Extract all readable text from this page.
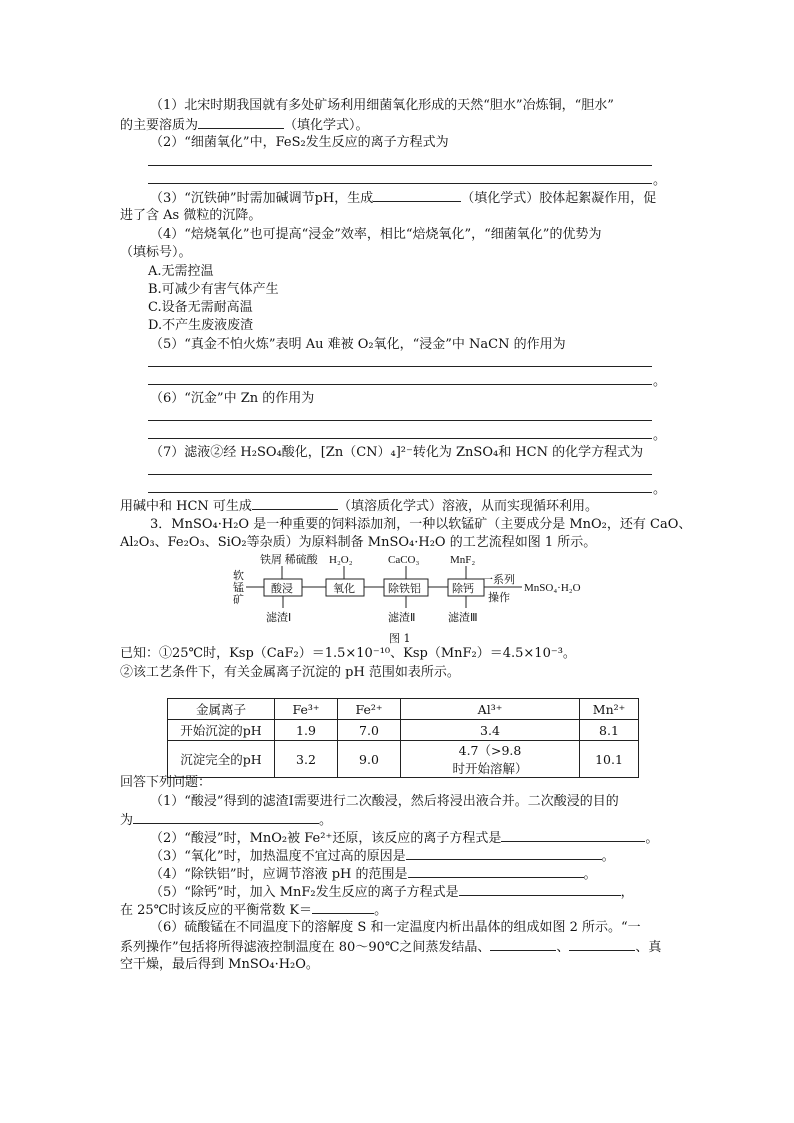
（1）北宋时期我国就有多处矿场利用细菌氧化形成的天然“胆水”冶炼铜，“胆水”
的主要溶质为	（填化学式）。
（2）“细菌氧化”中，FeS₂发生反应的离子方程式为
。
（3）“沉铁砷”时需加碱调节pH，生成	（填化学式）胶体起絮凝作用，促
进了含 As 微粒的沉降。
（4）“焙烧氧化”也可提高“浸金”效率，相比“焙烧氧化”，“细菌氧化”的优势为
（填标号）。
A.无需控温
B.可减少有害气体产生
C.设备无需耐高温
D.不产生废液废渣
（5）“真金不怕火炼”表明 Au 难被 O₂氧化，“浸金”中 NaCN 的作用为
。
（6）“沉金”中 Zn 的作用为
。
（7）滤液②经 H₂SO₄酸化，[Zn（CN）₄]²⁻转化为 ZnSO₄和 HCN 的化学方程式为
。
用碱中和 HCN 可生成	（填溶质化学式）溶液，从而实现循环利用。
3．MnSO₄·H₂O 是一种重要的饲料添加剂，一种以软锰矿（主要成分是 MnO₂，还有 CaO、
Al₂O₃、Fe₂O₃、SiO₂等杂质）为原料制备 MnSO₄·H₂O 的工艺流程如图 1 所示。
软
锰
矿
铁屑 稀硫酸
酸浸
H₂O₂
氧化
CaCO₃
除铁铝
MnF₂
除钙
一系列
操作
MnSO₄·H₂O
滤渣Ⅰ	滤渣Ⅱ	滤渣Ⅲ
图 1
已知：①25℃时，Ksp（CaF₂）＝1.5×10⁻¹⁰、Ksp（MnF₂）＝4.5×10⁻³。
②该工艺条件下，有关金属离子沉淀的 pH 范围如表所示。
金属离子	Fe³⁺	Fe²⁺	Al³⁺	Mn²⁺
开始沉淀的pH	1.9	7.0	3.4	8.1
沉淀完全的pH	3.2	9.0	4.7（>9.8
时开始溶解）	10.1
回答下列问题：
（1）“酸浸”得到的滤渣Ⅰ需要进行二次酸浸，然后将浸出液合并。二次酸浸的目的
为	。
（2）“酸浸”时，MnO₂被 Fe²⁺还原，该反应的离子方程式是	。
（3）“氧化”时，加热温度不宜过高的原因是	。
（4）“除铁铝”时，应调节溶液 pH 的范围是	。
（5）“除钙”时，加入 MnF₂发生反应的离子方程式是	，
在 25℃时该反应的平衡常数 K＝	。
（6）硫酸锰在不同温度下的溶解度 S 和一定温度内析出晶体的组成如图 2 所示。“一
系列操作”包括将所得滤液控制温度在 80～90℃之间蒸发结晶、	、	、真
空干燥，最后得到 MnSO₄·H₂O。
